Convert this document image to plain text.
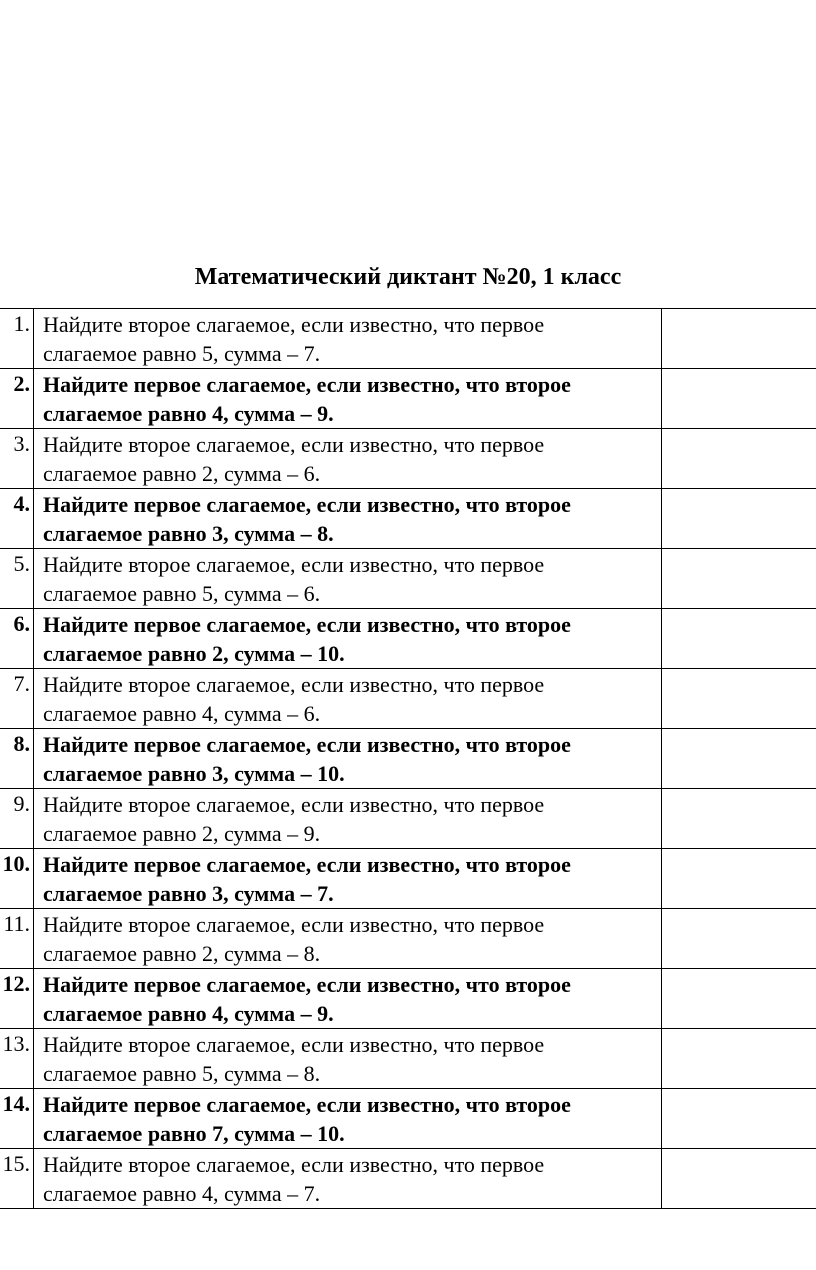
Математический диктант №20, 1 класс
1.	Найдите второе слагаемое, если известно, что первое
слагаемое равно 5, сумма – 7.	

2.	Найдите первое слагаемое, если известно, что второе
слагаемое равно 4, сумма – 9.	

3.	Найдите второе слагаемое, если известно, что первое
слагаемое равно 2, сумма – 6.	

4.	Найдите первое слагаемое, если известно, что второе
слагаемое равно 3, сумма – 8.	

5.	Найдите второе слагаемое, если известно, что первое
слагаемое равно 5, сумма – 6.	

6.	Найдите первое слагаемое, если известно, что второе
слагаемое равно 2, сумма – 10.	

7.	Найдите второе слагаемое, если известно, что первое
слагаемое равно 4, сумма – 6.	

8.	Найдите первое слагаемое, если известно, что второе
слагаемое равно 3, сумма – 10.	

9.	Найдите второе слагаемое, если известно, что первое
слагаемое равно 2, сумма – 9.	

10.	Найдите первое слагаемое, если известно, что второе
слагаемое равно 3, сумма – 7.	

11.	Найдите второе слагаемое, если известно, что первое
слагаемое равно 2, сумма – 8.	

12.	Найдите первое слагаемое, если известно, что второе
слагаемое равно 4, сумма – 9.	

13.	Найдите второе слагаемое, если известно, что первое
слагаемое равно 5, сумма – 8.	

14.	Найдите первое слагаемое, если известно, что второе
слагаемое равно 7, сумма – 10.	

15.	Найдите второе слагаемое, если известно, что первое
слагаемое равно 4, сумма – 7.	
